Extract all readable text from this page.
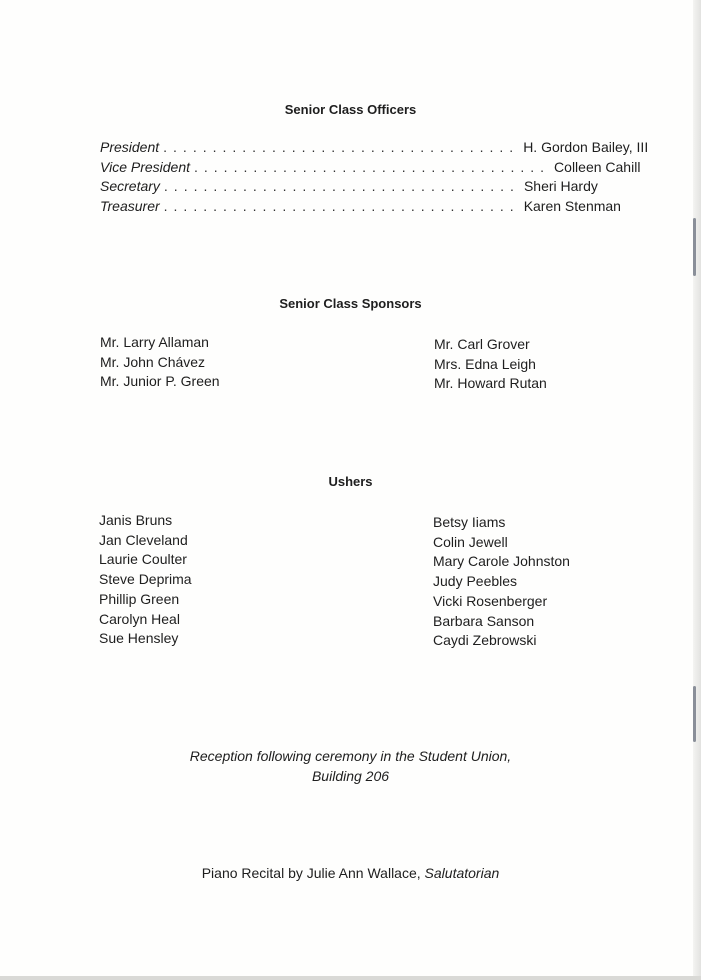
Senior Class Officers
President .................................... H. Gordon Bailey, III
Vice President .................................... Colleen Cahill
Secretary .................................... Sheri Hardy
Treasurer .................................... Karen Stenman
Senior Class Sponsors
Mr. Larry Allaman
Mr. John Chávez
Mr. Junior P. Green
Mr. Carl Grover
Mrs. Edna Leigh
Mr. Howard Rutan
Ushers
Janis Bruns
Jan Cleveland
Laurie Coulter
Steve Deprima
Phillip Green
Carolyn Heal
Sue Hensley
Betsy Iiams
Colin Jewell
Mary Carole Johnston
Judy Peebles
Vicki Rosenberger
Barbara Sanson
Caydi Zebrowski
Reception following ceremony in the Student Union,
Building 206
Piano Recital by Julie Ann Wallace, Salutatorian
